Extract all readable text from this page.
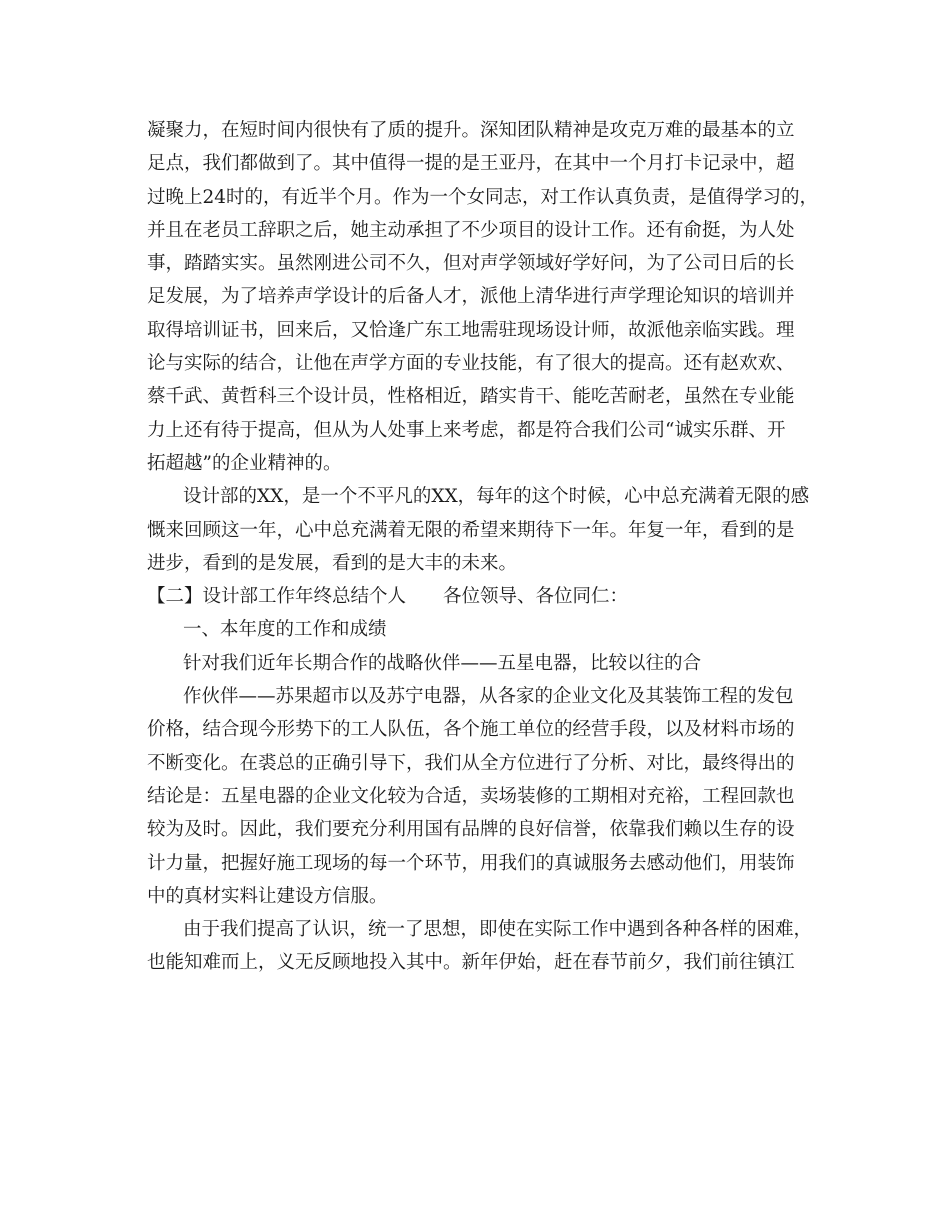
凝聚力，在短时间内很快有了质的提升。深知团队精神是攻克万难的最基本的立
足点，我们都做到了。其中值得一提的是王亚丹，在其中一个月打卡记录中，超
过晚上24时的，有近半个月。作为一个女同志，对工作认真负责，是值得学习的，
并且在老员工辞职之后，她主动承担了不少项目的设计工作。还有俞挺，为人处
事，踏踏实实。虽然刚进公司不久，但对声学领域好学好问，为了公司日后的长
足发展，为了培养声学设计的后备人才，派他上清华进行声学理论知识的培训并
取得培训证书，回来后，又恰逢广东工地需驻现场设计师，故派他亲临实践。理
论与实际的结合，让他在声学方面的专业技能，有了很大的提高。还有赵欢欢、
蔡千武、黄哲科三个设计员，性格相近，踏实肯干、能吃苦耐老，虽然在专业能
力上还有待于提高，但从为人处事上来考虑，都是符合我们公司“诚实乐群、开
拓超越”的企业精神的。
设计部的XX，是一个不平凡的XX，每年的这个时候，心中总充满着无限的感
慨来回顾这一年，心中总充满着无限的希望来期待下一年。年复一年，看到的是
进步，看到的是发展，看到的是大丰的未来。
【二】设计部工作年终总结个人　　各位领导、各位同仁：
一、本年度的工作和成绩
针对我们近年长期合作的战略伙伴——五星电器，比较以往的合
作伙伴——苏果超市以及苏宁电器，从各家的企业文化及其装饰工程的发包
价格，结合现今形势下的工人队伍，各个施工单位的经营手段，以及材料市场的
不断变化。在裘总的正确引导下，我们从全方位进行了分析、对比，最终得出的
结论是：五星电器的企业文化较为合适，卖场装修的工期相对充裕，工程回款也
较为及时。因此，我们要充分利用国有品牌的良好信誉，依靠我们赖以生存的设
计力量，把握好施工现场的每一个环节，用我们的真诚服务去感动他们，用装饰
中的真材实料让建设方信服。
由于我们提高了认识，统一了思想，即使在实际工作中遇到各种各样的困难，
也能知难而上，义无反顾地投入其中。新年伊始，赶在春节前夕，我们前往镇江
